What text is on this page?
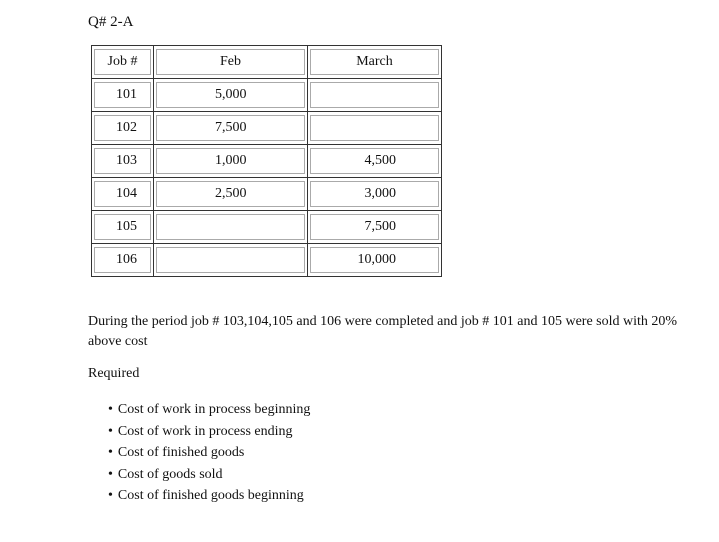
Q# 2-A
Job #	Feb	March

101	5,000	

102	7,500	

103	1,000	4,500

104	2,500	3,000

105		7,500

106		10,000
During the period job # 103,104,105 and 106 were completed and job # 101 and 105 were sold with 20% above cost
Required
• Cost of work in process beginning
• Cost of work in process ending
• Cost of finished goods
• Cost of goods sold
• Cost of finished goods beginning
